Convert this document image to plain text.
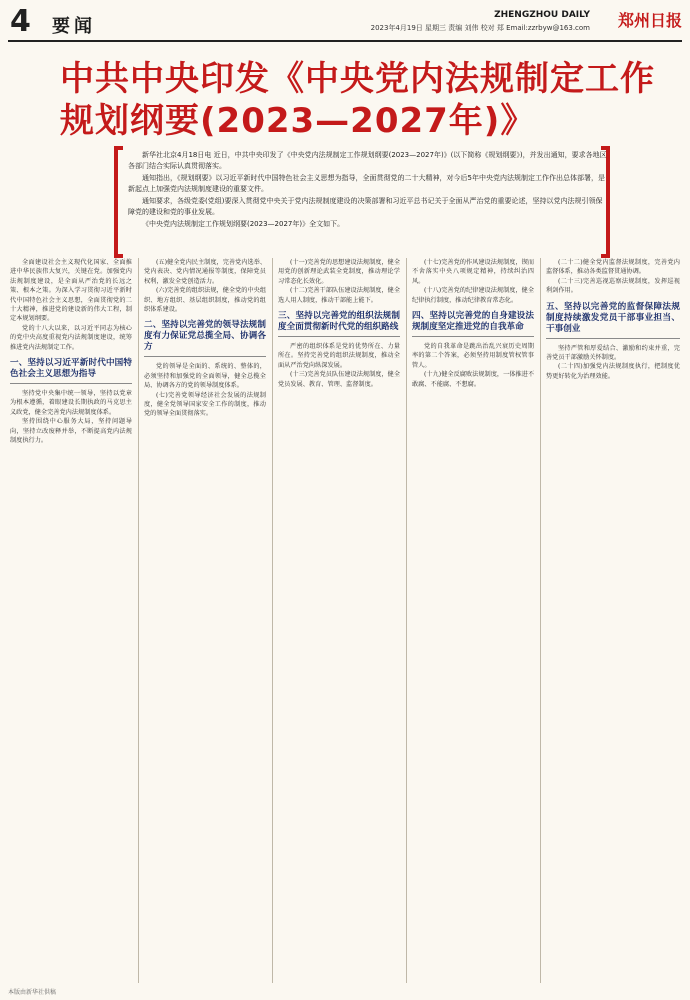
4 要闻
ZHENGZHOU DAILY 郑州日报
2023年4月19日 星期三 责编 刘伟 校对 郑 Email:zzrbyw@163.com
中共中央印发《中央党内法规制定工作规划纲要(2023—2027年)》

新华社北京4月18日电 近日，中共中央印发了《中央党内法规制定工作规划纲要(2023—2027年)》(以下简称《规划纲要》)，并发出通知，要求各地区各部门结合实际认真贯彻落实。

通知指出，《规划纲要》以习近平新时代中国特色社会主义思想为指导，全面贯彻党的二十大精神，对今后5年中央党内法规制定工作作出总体部署，是新起点上加强党内法规制度建设的重要文件。

通知要求，各级党委(党组)要深入贯彻党中央关于党内法规制度建设的决策部署和习近平总书记关于全面从严治党的重要论述，坚持以党内法规引领保障党的建设和党的事业发展。

《中央党内法规制定工作规划纲要(2023—2027年)》全文如下。

全面建设社会主义现代化国家、全面推进中华民族伟大复兴，关键在党。加强党内法规制度建设，是全面从严治党的长远之策、根本之策。为深入学习贯彻习近平新时代中国特色社会主义思想，全面贯彻党的二十大精神，推进党的建设新的伟大工程，制定本规划纲要。

党的十八大以来，以习近平同志为核心的党中央高度重视党内法规制度建设，统筹推进党内法规制定工作。

一、坚持以习近平新时代中国特色社会主义思想为指导

坚持党中央集中统一领导，坚持以党章为根本遵循，着眼建设长期执政的马克思主义政党，健全完善党内法规制度体系。

坚持围绕中心服务大局，坚持问题导向，坚持立改废释并举，不断提高党内法规制度执行力。

(五)健全党内民主制度，完善党内选举、党内表决、党内情况通报等制度，保障党员权利，激发全党创造活力。

(六)完善党的组织法规，健全党的中央组织、地方组织、基层组织制度，推动党的组织体系建设。

二、坚持以完善党的领导法规制度有力保证党总揽全局、协调各方

党的领导是全面的、系统的、整体的，必须坚持和加强党的全面领导，健全总揽全局、协调各方的党的领导制度体系。

(七)完善党领导经济社会发展的法规制度，健全党领导国家安全工作的制度，推动党的领导全面贯彻落实。

(十一)完善党的思想建设法规制度，健全用党的创新理论武装全党制度，推动理论学习常态化长效化。

(十二)完善干部队伍建设法规制度，健全选人用人制度，推动干部能上能下。

三、坚持以完善党的组织法规制度全面贯彻新时代党的组织路线

严密的组织体系是党的优势所在、力量所在。坚持完善党的组织法规制度，推动全面从严治党向纵深发展。

(十三)完善党员队伍建设法规制度，健全党员发展、教育、管理、监督制度。

(十七)完善党的作风建设法规制度，锲而不舍落实中央八项规定精神，持续纠治四风。

(十八)完善党的纪律建设法规制度，健全纪律执行制度，推动纪律教育常态化。

四、坚持以完善党的自身建设法规制度坚定推进党的自我革命

党的自我革命是跳出治乱兴衰历史周期率的第二个答案，必须坚持用制度管权管事管人。

(十九)健全反腐败法规制度，一体推进不敢腐、不能腐、不想腐。

(二十二)健全党内监督法规制度，完善党内监督体系，推动各类监督贯通协调。

(二十三)完善巡视巡察法规制度，发挥巡视利剑作用。

五、坚持以完善党的监督保障法规制度持续激发党员干部事业担当、干事创业

坚持严管和厚爱结合、激励和约束并重，完善党员干部激励关怀制度。

(二十四)加强党内法规制度执行，把制度优势更好转化为治理效能。

本版由新华社供稿
